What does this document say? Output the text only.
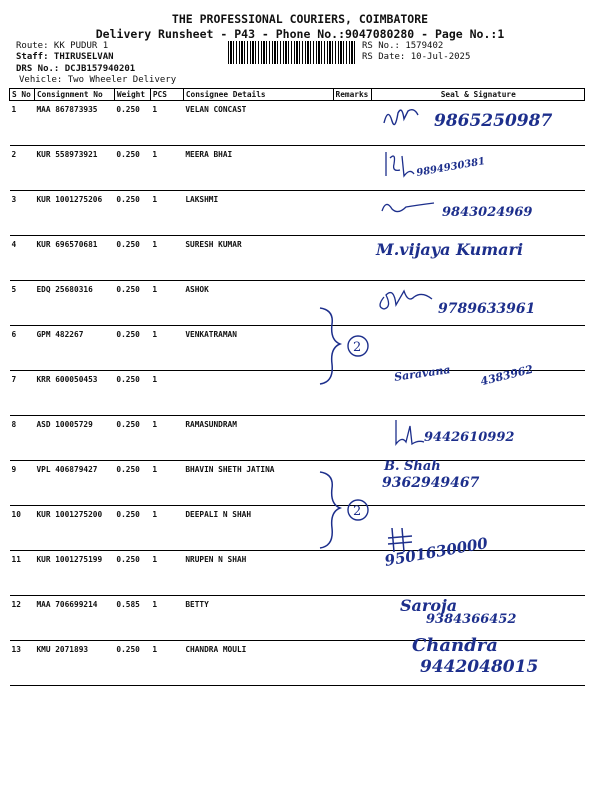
THE PROFESSIONAL COURIERS, COIMBATORE
Delivery Runsheet - P43 - Phone No.:9047080280 - Page No.:1
Route: KK PUDUR 1
Staff: THIRUSELVAN
DRS No.: DCJB157940201
Vehicle: Two Wheeler Delivery
RS No.: 1579402
RS Date: 10-Jul-2025
S No	Consignment No	Weight	PCS	Consignee Details	Remarks	Seal & Signature
1	MAA 867873935	0.250	1	VELAN CONCAST		9865250987

2	KUR 558973921	0.250	1	MEERA BHAI		9894930381

3	KUR 1001275206	0.250	1	LAKSHMI		9843024969

4	KUR 696570681	0.250	1	SURESH KUMAR		M.vijaya Kumari

5	EDQ 25680316	0.250	1	ASHOK		9789633961

6	GPM 482267	0.250	1	VENKATRAMAN		
7	KRR 600050453	0.250	1			Saravana 4383962

8	ASD 10005729	0.250	1	RAMASUNDRAM		9442610992

9	VPL 406879427	0.250	1	BHAVIN SHETH JATINA		B. Shah
9362949467

10	KUR 1001275200	0.250	1	DEEPALI N SHAH		

11	KUR 1001275199	0.250	1	NRUPEN N SHAH		9501630000

12	MAA 706699214	0.585	1	BETTY		Saroja
9384366452

13	KMU 2071893	0.250	1	CHANDRA MOULI		Chandra
9442048015
2
2
